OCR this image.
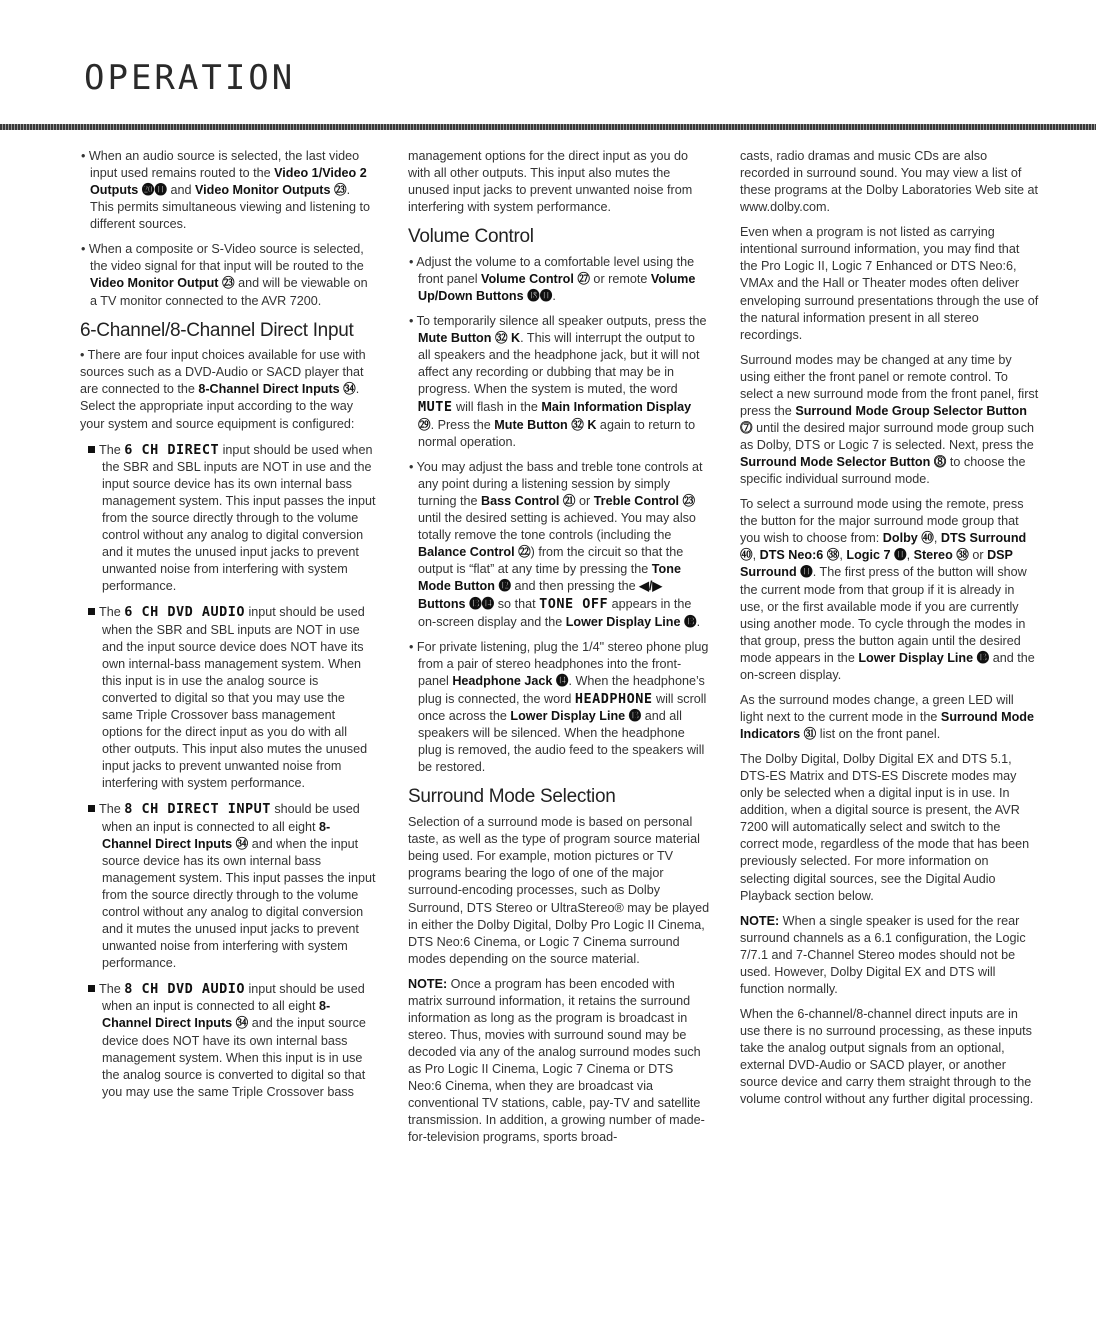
OPERATION

• When an audio source is selected, the last video input used remains routed to the Video 1/Video 2 Outputs ⓴⓫ and Video Monitor Outputs ㉓. This permits simultaneous viewing and listening to different sources.

• When a composite or S-Video source is selected, the video signal for that input will be routed to the Video Monitor Output ㉓ and will be viewable on a TV monitor connected to the AVR 7200.

6-Channel/8-Channel Direct Input

• There are four input choices available for use with sources such as a DVD-Audio or SACD player that are connected to the 8-Channel Direct Inputs ㉞. Select the appropriate input according to the way your system and source equipment is configured:

The 6 CH DIRECT input should be used when the SBR and SBL inputs are NOT in use and the input source device has its own internal bass management system. This input passes the input from the source directly through to the volume control without any analog to digital conversion and it mutes the unused input jacks to prevent unwanted noise from interfering with system performance.

The 6 CH DVD AUDIO input should be used when the SBR and SBL inputs are NOT in use and the input source device does NOT have its own internal-bass management system. When this input is in use the analog source is converted to digital so that you may use the same Triple Crossover bass management options for the direct input as you do with all other outputs. This input also mutes the unused input jacks to prevent unwanted noise from interfering with system performance.

The 8 CH DIRECT INPUT should be used when an input is connected to all eight 8-Channel Direct Inputs ㉞ and when the input source device has its own internal bass management system. This input passes the input from the source directly through to the volume control without any analog to digital conversion and it mutes the unused input jacks to prevent unwanted noise from interfering with system performance.

The 8 CH DVD AUDIO input should be used when an input is connected to all eight 8-Channel Direct Inputs ㉞ and the input source device does NOT have its own internal bass management system. When this input is in use the analog source is converted to digital so that you may use the same Triple Crossover bass

management options for the direct input as you do with all other outputs. This input also mutes the unused input jacks to prevent unwanted noise from interfering with system performance.

Volume Control

• Adjust the volume to a comfortable level using the front panel Volume Control ㉗ or remote Volume Up/Down Buttons ⓲⓫.

• To temporarily silence all speaker outputs, press the Mute Button ㉜ K. This will interrupt the output to all speakers and the headphone jack, but it will not affect any recording or dubbing that may be in progress. When the system is muted, the word MUTE will flash in the Main Information Display ㉙. Press the Mute Button ㉜ K again to return to normal operation.

• You may adjust the bass and treble tone controls at any point during a listening session by simply turning the Bass Control ㉑ or Treble Control ㉓ until the desired setting is achieved. You may also totally remove the tone controls (including the Balance Control ㉒) from the circuit so that the output is “flat” at any time by pressing the Tone Mode Button ⓬ and then pressing the ◀/▶ Buttons ⓭⓮ so that TONE OFF appears in the on-screen display and the Lower Display Line ⓭.

• For private listening, plug the 1/4" stereo phone plug from a pair of stereo headphones into the front-panel Headphone Jack ⓮. When the headphone’s plug is connected, the word HEADPHONE will scroll once across the Lower Display Line ⓭ and all speakers will be silenced. When the headphone plug is removed, the audio feed to the speakers will be restored.

Surround Mode Selection

Selection of a surround mode is based on personal taste, as well as the type of program source material being used. For example, motion pictures or TV programs bearing the logo of one of the major surround-encoding processes, such as Dolby Surround, DTS Stereo or UltraStereo® may be played in either the Dolby Digital, Dolby Pro Logic II Cinema, DTS Neo:6 Cinema, or Logic 7 Cinema surround modes depending on the source material.

NOTE: Once a program has been encoded with matrix surround information, it retains the surround information as long as the program is broadcast in stereo. Thus, movies with surround sound may be decoded via any of the analog surround modes such as Pro Logic II Cinema, Logic 7 Cinema or DTS Neo:6 Cinema, when they are broadcast via conventional TV stations, cable, pay-TV and satellite transmission. In addition, a growing number of made-for-television programs, sports broad-

casts, radio dramas and music CDs are also recorded in surround sound. You may view a list of these programs at the Dolby Laboratories Web site at www.dolby.com.

Even when a program is not listed as carrying intentional surround information, you may find that the Pro Logic II, Logic 7 Enhanced or DTS Neo:6, VMAx and the Hall or Theater modes often deliver enveloping surround presentations through the use of the natural information present in all stereo recordings.

Surround modes may be changed at any time by using either the front panel or remote control. To select a new surround mode from the front panel, first press the Surround Mode Group Selector Button ⓻ until the desired major surround mode group such as Dolby, DTS or Logic 7 is selected. Next, press the Surround Mode Selector Button ⓼ to choose the specific individual surround mode.

To select a surround mode using the remote, press the button for the major surround mode group that you wish to choose from: Dolby ㊵, DTS Surround ㊵, DTS Neo:6 ㊳, Logic 7 ⓫, Stereo ㊳ or DSP Surround ⓫. The first press of the button will show the current mode from that group if it is already in use, or the first available mode if you are currently using another mode. To cycle through the modes in that group, press the button again until the desired mode appears in the Lower Display Line ⓭ and the on-screen display.

As the surround modes change, a green LED will light next to the current mode in the Surround Mode Indicators ㉛ list on the front panel.

The Dolby Digital, Dolby Digital EX and DTS 5.1, DTS-ES Matrix and DTS-ES Discrete modes may only be selected when a digital input is in use. In addition, when a digital source is present, the AVR 7200 will automatically select and switch to the correct mode, regardless of the mode that has been previously selected. For more information on selecting digital sources, see the Digital Audio Playback section below.

NOTE: When a single speaker is used for the rear surround channels as a 6.1 configuration, the Logic 7/7.1 and 7-Channel Stereo modes should not be used. However, Dolby Digital EX and DTS will function normally.

When the 6-channel/8-channel direct inputs are in use there is no surround processing, as these inputs take the analog output signals from an optional, external DVD-Audio or SACD player, or another source device and carry them straight through to the volume control without any further digital processing.
